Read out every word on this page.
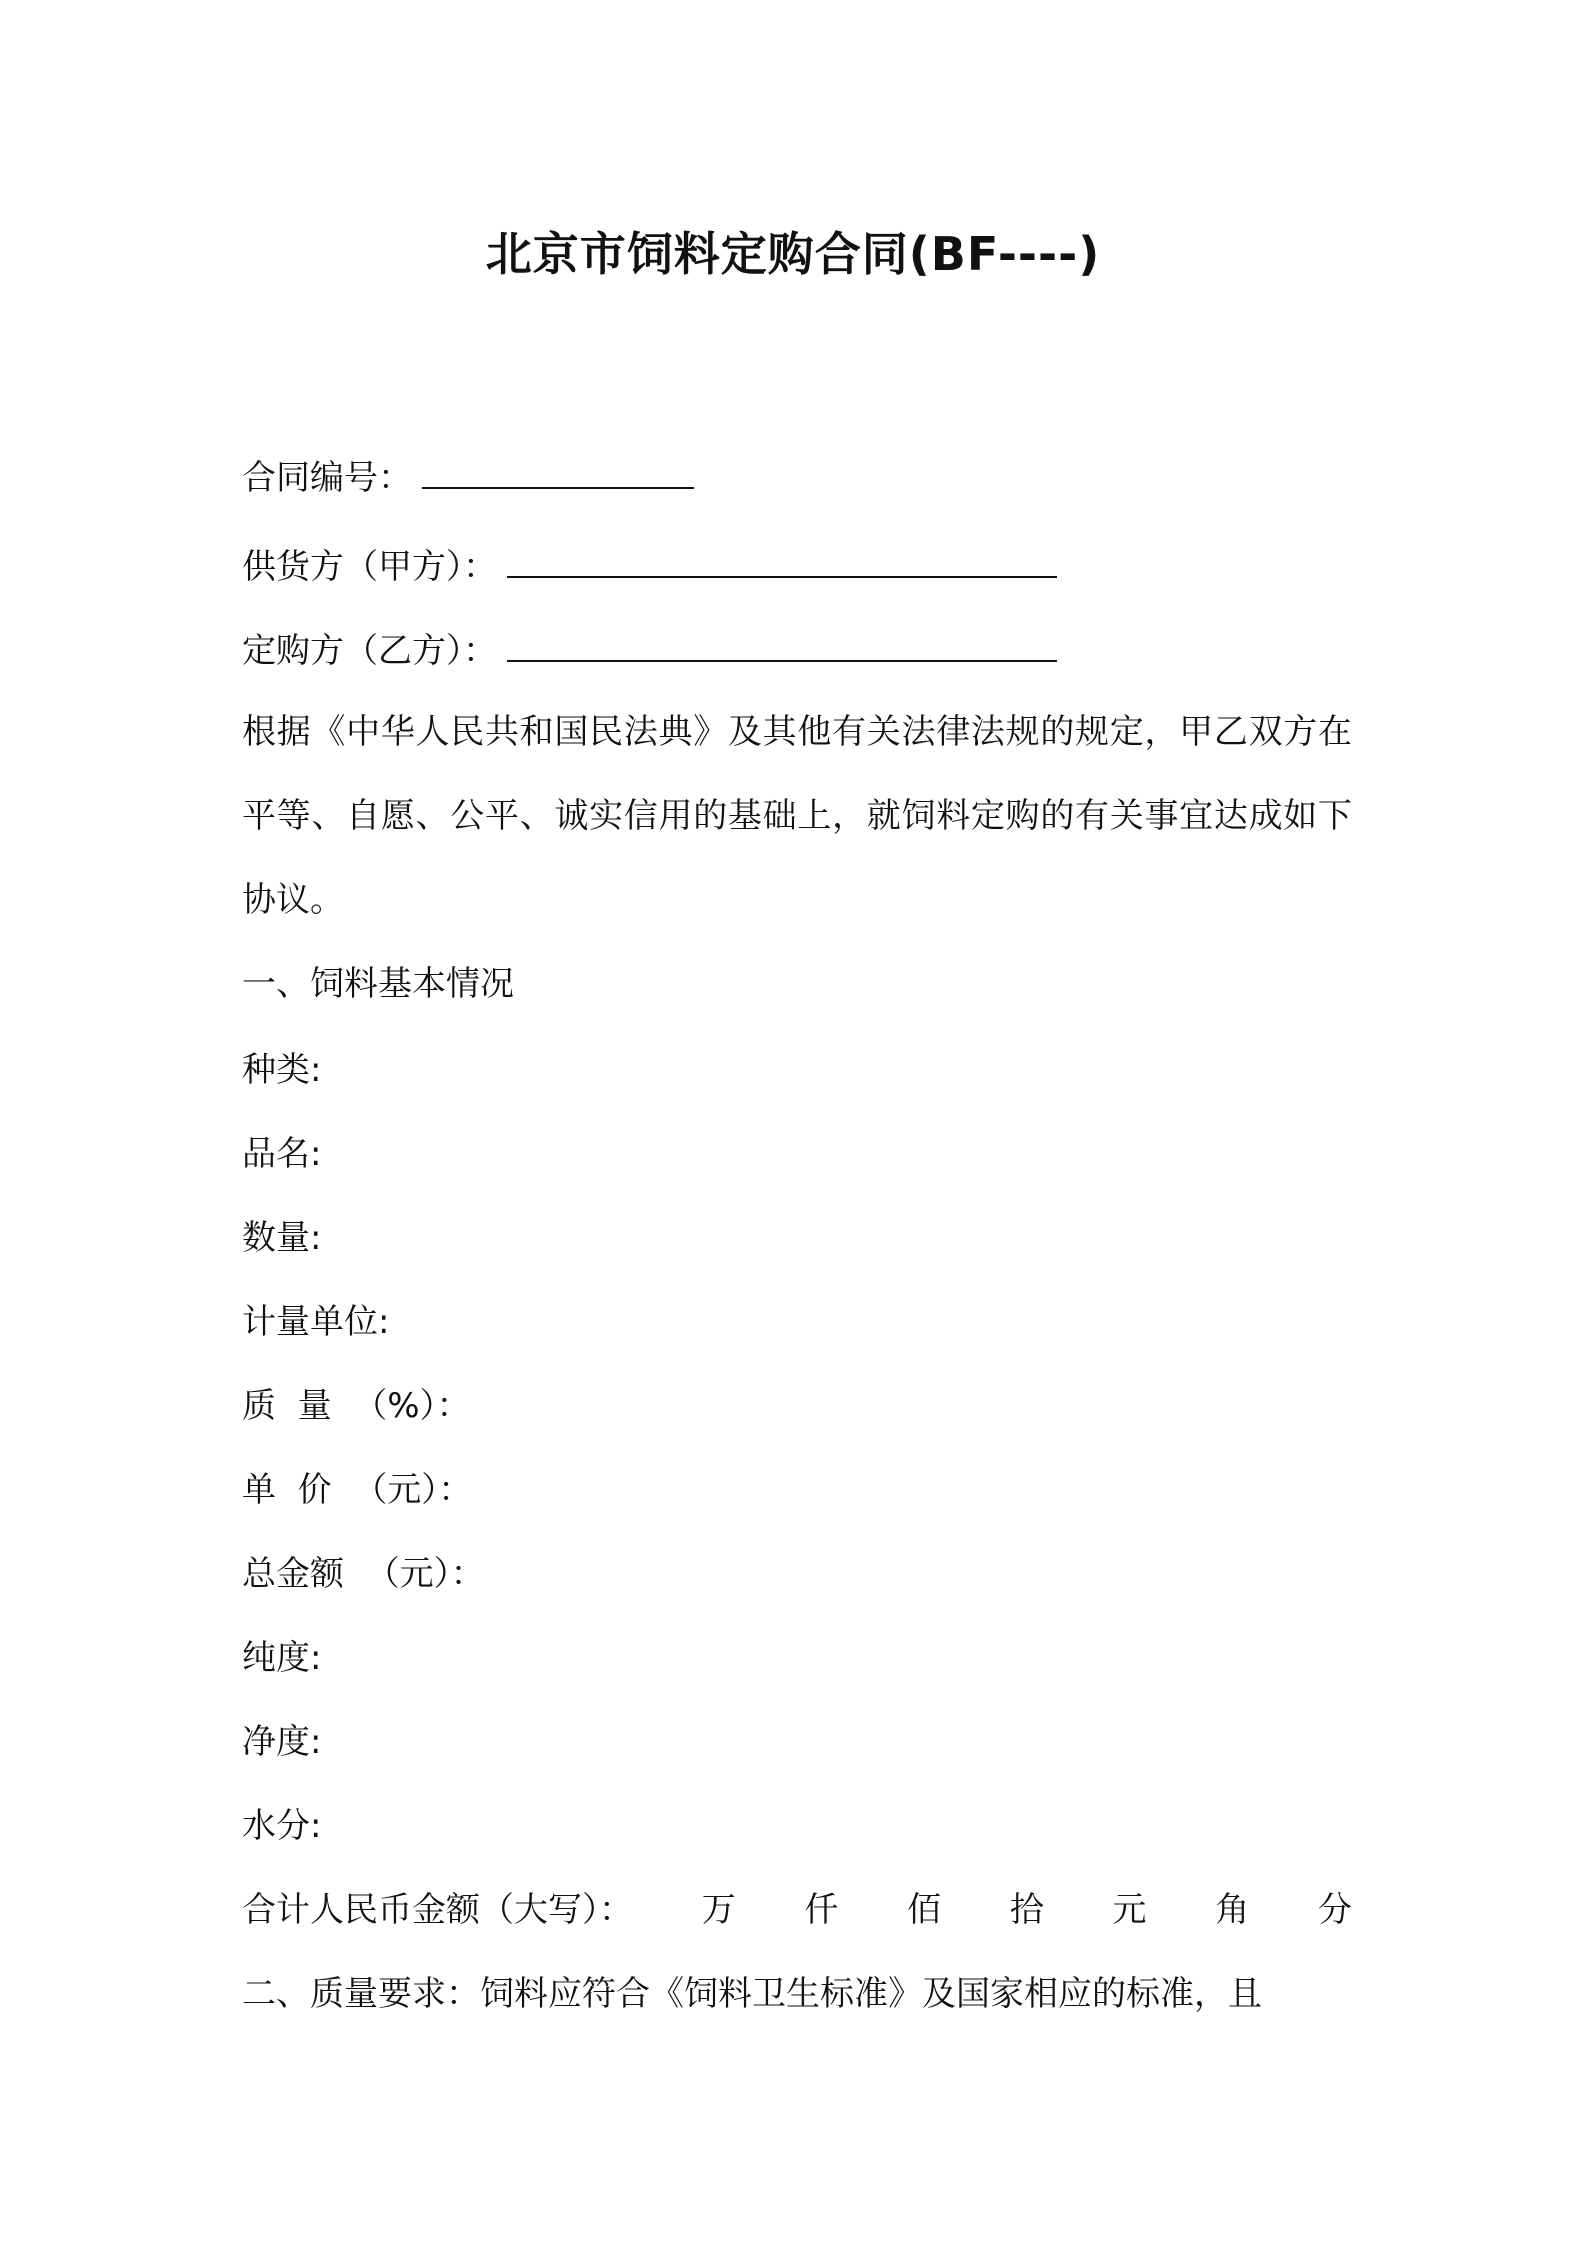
北京市饲料定购合同(BF----)
合同编号：
供货方（甲方）：
定购方（乙方）：
根据《中华人民共和国民法典》及其他有关法律法规的规定，甲乙双方在平等、自愿、公平、诚实信用的基础上，就饲料定购的有关事宜达成如下协议。
一、饲料基本情况
种类:
品名:
数量:
计量单位:
质  量  （%）：
单  价  （元）：
总金额  （元）：
纯度:
净度:
水分:
合计人民币金额（大写）： 万 仟 佰 拾 元 角 分
二、质量要求：饲料应符合《饲料卫生标准》及国家相应的标准，且
